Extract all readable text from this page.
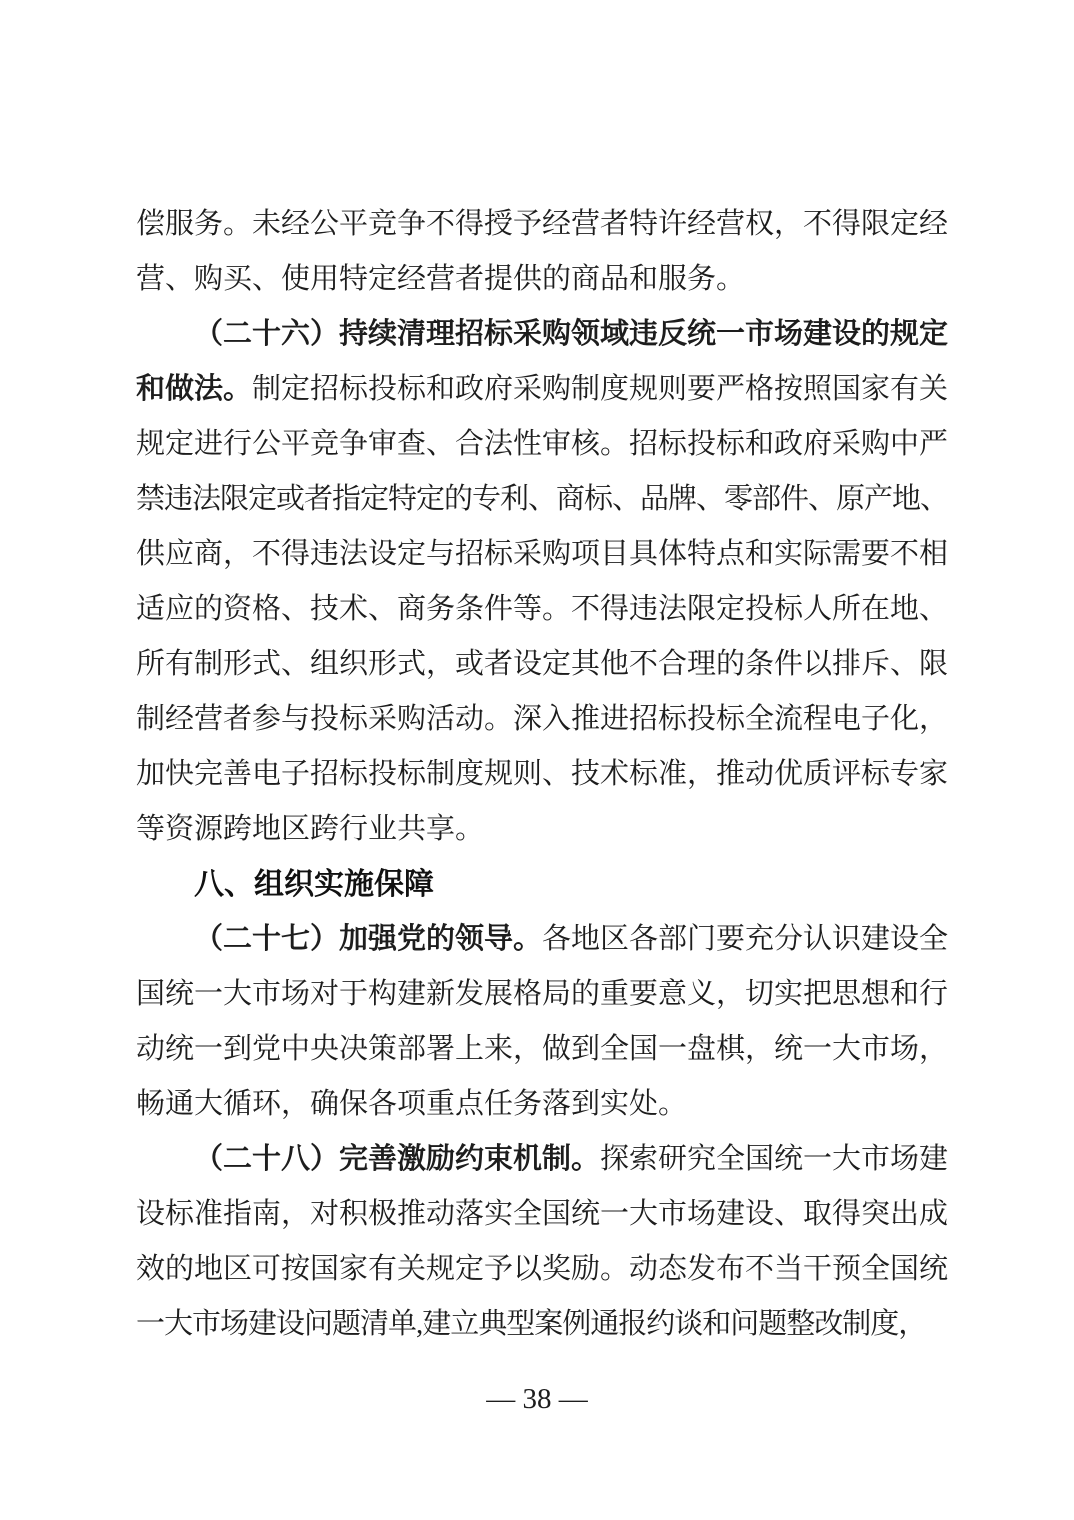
偿服务。未经公平竞争不得授予经营者特许经营权，不得限定经
营、购买、使用特定经营者提供的商品和服务。
（二十六）持续清理招标采购领域违反统一市场建设的规定
和做法。制定招标投标和政府采购制度规则要严格按照国家有关
规定进行公平竞争审查、合法性审核。招标投标和政府采购中严
禁违法限定或者指定特定的专利、商标、品牌、零部件、原产地、
供应商，不得违法设定与招标采购项目具体特点和实际需要不相
适应的资格、技术、商务条件等。不得违法限定投标人所在地、
所有制形式、组织形式，或者设定其他不合理的条件以排斥、限
制经营者参与投标采购活动。深入推进招标投标全流程电子化，
加快完善电子招标投标制度规则、技术标准，推动优质评标专家
等资源跨地区跨行业共享。
八、组织实施保障
（二十七）加强党的领导。各地区各部门要充分认识建设全
国统一大市场对于构建新发展格局的重要意义，切实把思想和行
动统一到党中央决策部署上来，做到全国一盘棋，统一大市场，
畅通大循环，确保各项重点任务落到实处。
（二十八）完善激励约束机制。探索研究全国统一大市场建
设标准指南，对积极推动落实全国统一大市场建设、取得突出成
效的地区可按国家有关规定予以奖励。动态发布不当干预全国统
一大市场建设问题清单,建立典型案例通报约谈和问题整改制度，
— 38 —
